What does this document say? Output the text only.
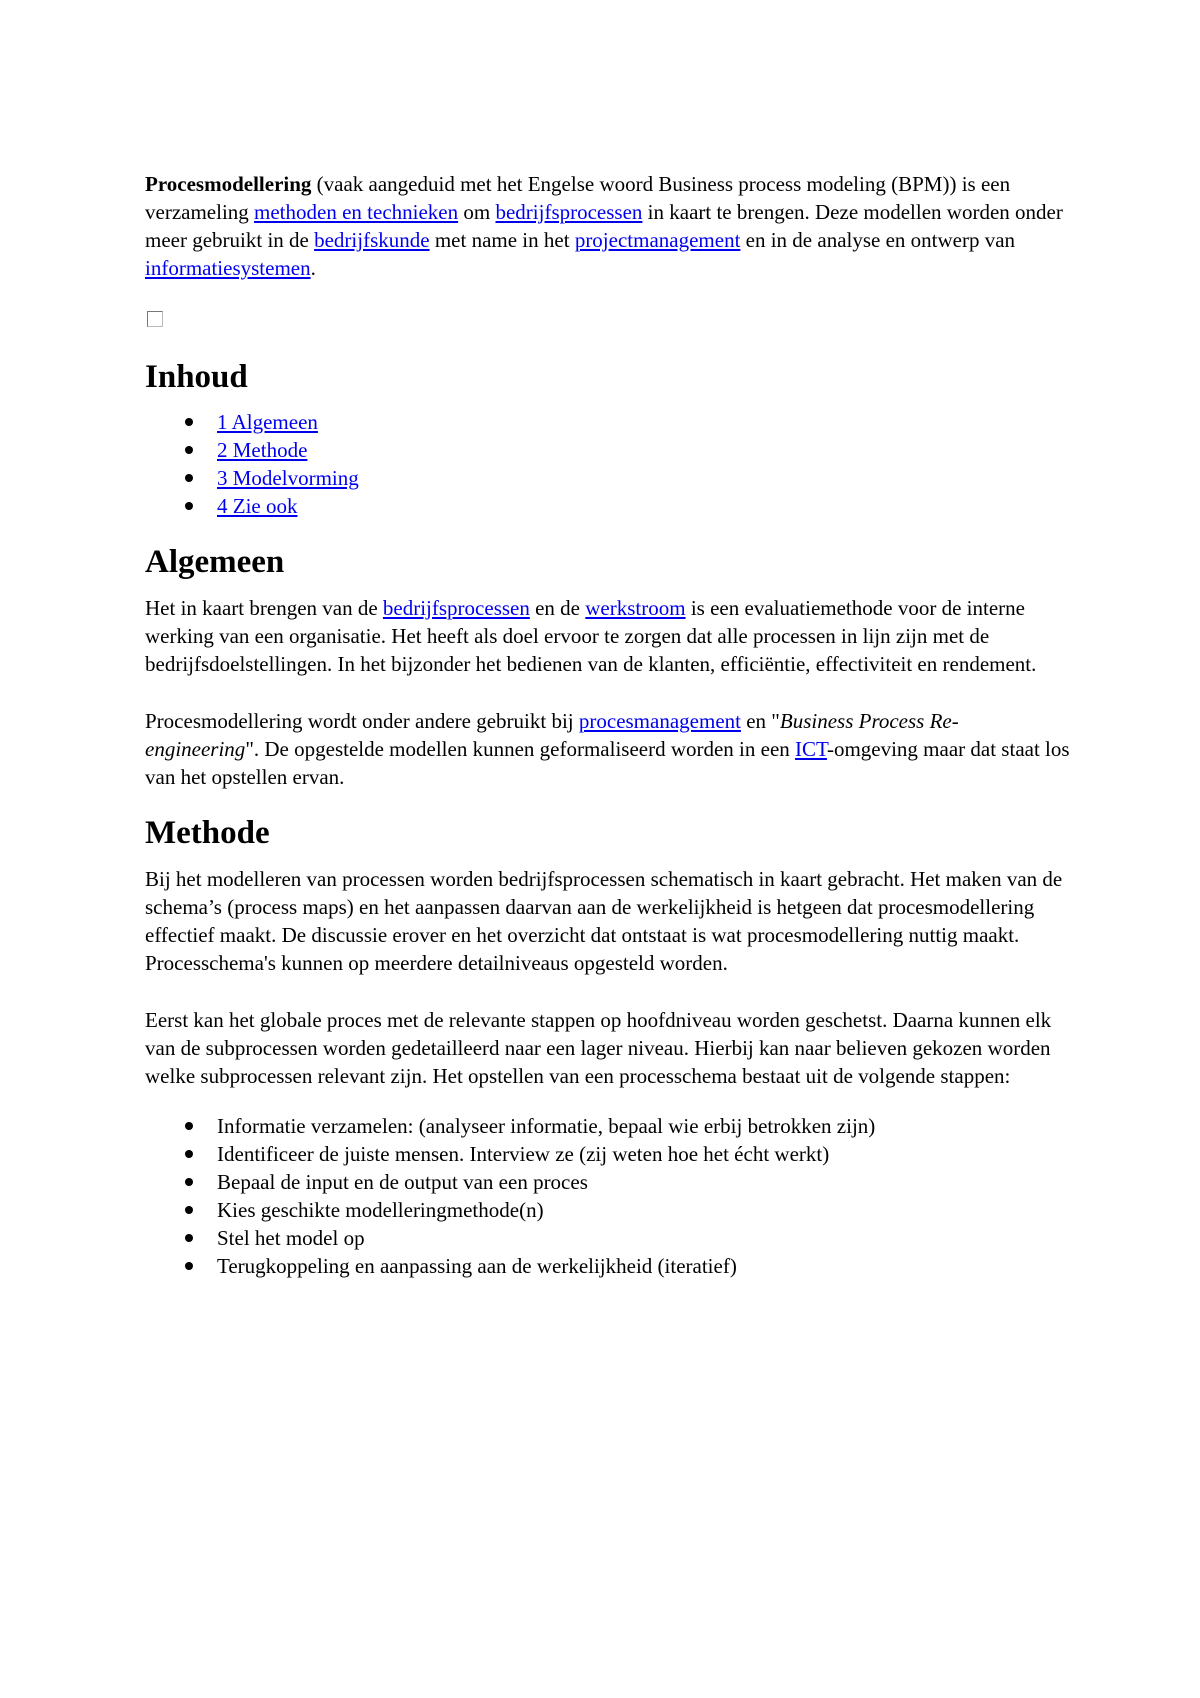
Procesmodellering (vaak aangeduid met het Engelse woord Business process modeling (BPM)) is een verzameling methoden en technieken om bedrijfsprocessen in kaart te brengen. Deze modellen worden onder meer gebruikt in de bedrijfskunde met name in het projectmanagement en in de analyse en ontwerp van informatiesystemen.

Inhoud
1 Algemeen
2 Methode
3 Modelvorming
4 Zie ook
Algemeen

Het in kaart brengen van de bedrijfsprocessen en de werkstroom is een evaluatiemethode voor de interne werking van een organisatie. Het heeft als doel ervoor te zorgen dat alle processen in lijn zijn met de bedrijfsdoelstellingen. In het bijzonder het bedienen van de klanten, efficiëntie, effectiviteit en rendement.

Procesmodellering wordt onder andere gebruikt bij procesmanagement en "Business Process Re-engineering". De opgestelde modellen kunnen geformaliseerd worden in een ICT-omgeving maar dat staat los van het opstellen ervan.

Methode

Bij het modelleren van processen worden bedrijfsprocessen schematisch in kaart gebracht. Het maken van de schema’s (process maps) en het aanpassen daarvan aan de werkelijkheid is hetgeen dat procesmodellering effectief maakt. De discussie erover en het overzicht dat ontstaat is wat procesmodellering nuttig maakt. Processchema's kunnen op meerdere detailniveaus opgesteld worden.

Eerst kan het globale proces met de relevante stappen op hoofdniveau worden geschetst. Daarna kunnen elk van de subprocessen worden gedetailleerd naar een lager niveau. Hierbij kan naar believen gekozen worden welke subprocessen relevant zijn. Het opstellen van een processchema bestaat uit de volgende stappen:

Informatie verzamelen: (analyseer informatie, bepaal wie erbij betrokken zijn)
Identificeer de juiste mensen. Interview ze (zij weten hoe het écht werkt)
Bepaal de input en de output van een proces
Kies geschikte modelleringmethode(n)
Stel het model op
Terugkoppeling en aanpassing aan de werkelijkheid (iteratief)
